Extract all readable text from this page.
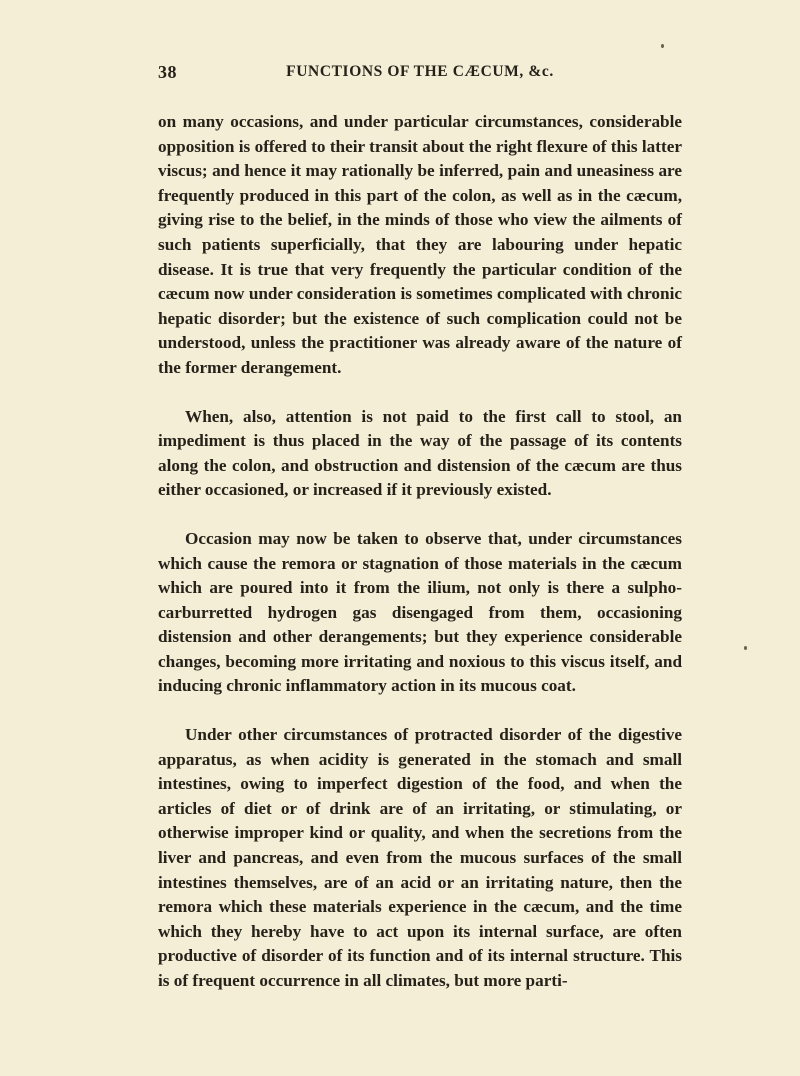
38	FUNCTIONS OF THE CÆCUM, &c.

on many occasions, and under particular circumstances, considerable opposition is offered to their transit about the right flexure of this latter viscus; and hence it may rationally be inferred, pain and uneasiness are frequently produced in this part of the colon, as well as in the cæcum, giving rise to the belief, in the minds of those who view the ailments of such patients superficially, that they are labouring under hepatic disease. It is true that very frequently the particular condition of the cæcum now under consideration is sometimes complicated with chronic hepatic disorder; but the existence of such complication could not be understood, unless the practitioner was already aware of the nature of the former derangement.

When, also, attention is not paid to the first call to stool, an impediment is thus placed in the way of the passage of its contents along the colon, and obstruction and distension of the cæcum are thus either occasioned, or increased if it previously existed.

Occasion may now be taken to observe that, under circumstances which cause the remora or stagnation of those materials in the cæcum which are poured into it from the ilium, not only is there a sulpho-carburretted hydrogen gas disengaged from them, occasioning distension and other derangements; but they experience considerable changes, becoming more irritating and noxious to this viscus itself, and inducing chronic inflammatory action in its mucous coat.

Under other circumstances of protracted disorder of the digestive apparatus, as when acidity is generated in the stomach and small intestines, owing to imperfect digestion of the food, and when the articles of diet or of drink are of an irritating, or stimulating, or otherwise improper kind or quality, and when the secretions from the liver and pancreas, and even from the mucous surfaces of the small intestines themselves, are of an acid or an irritating nature, then the remora which these materials experience in the cæcum, and the time which they hereby have to act upon its internal surface, are often productive of disorder of its function and of its internal structure. This is of frequent occurrence in all climates, but more parti-
